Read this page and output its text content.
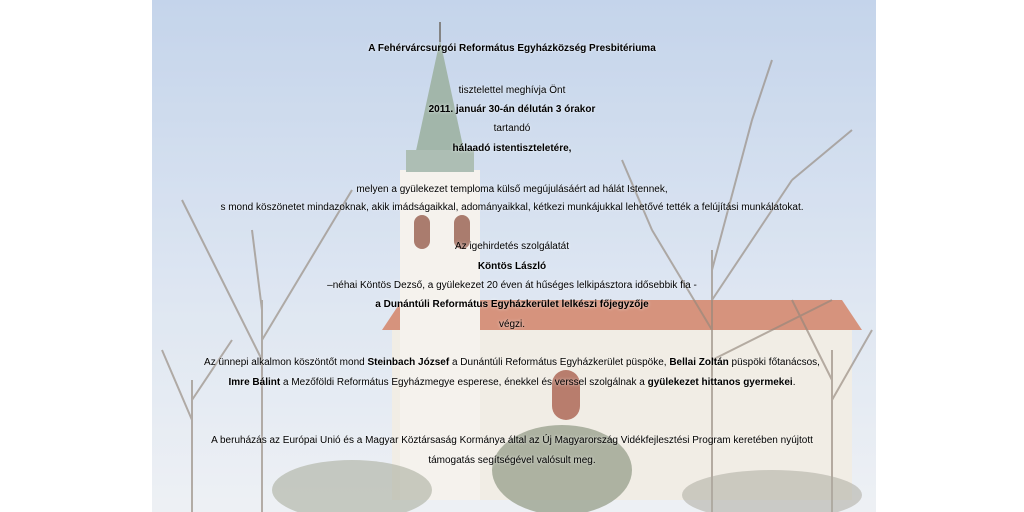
A Fehérvárcsurgói Református Egyházközség Presbitériuma
tisztelettel meghívja Önt
2011. január 30-án délután 3 órakor
tartandó
hálaadó istentiszteletére,
melyen a gyülekezet temploma külső megújulásáért ad hálát Istennek,
s mond köszönetet mindazoknak, akik imádságaikkal, adományaikkal, kétkezi munkájukkal lehetővé tették a felújítási munkálatokat.
Az igehirdetés szolgálatát
Köntös László
–néhai Köntös Dezső, a gyülekezet 20 éven át hűséges lelkipásztora idősebbik fia -
a Dunántúli Református Egyházkerület lelkészi főjegyzője
végzi.
Az ünnepi alkalmon köszöntőt mond Steinbach József a Dunántúli Református Egyházkerület püspöke, Bellai Zoltán püspöki főtanácsos,
Imre Bálint a Mezőföldi Református Egyházmegye esperese, énekkel és verssel szolgálnak a gyülekezet hittanos gyermekei.
A beruházás az Európai Unió és a Magyar Köztársaság Kormánya által az Új Magyarország Vidékfejlesztési Program keretében nyújtott
támogatás segítségével valósult meg.
